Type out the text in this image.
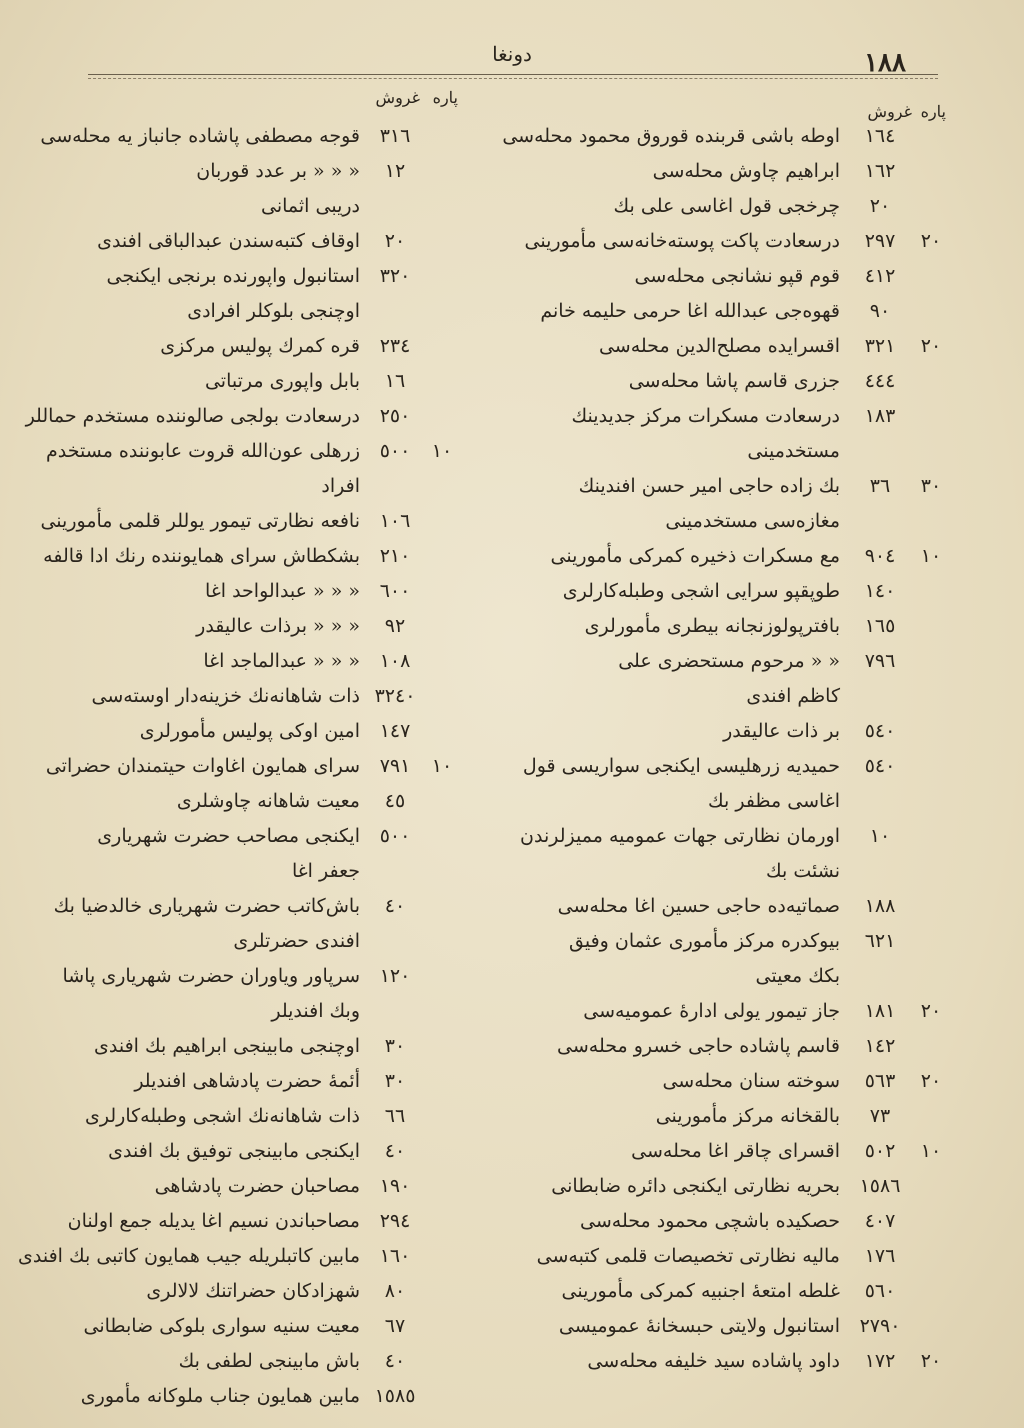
۱۸۸
دونغا
پاره
غروش
١٦٤
اوطه باشی قربنده قوروق محمود محله‌سی
١٦٢
ابراهیم چاوش محله‌سی
٢٠
چرخجی قول اغاسی علی بك
٢٠
٢٩٧
درسعادت پاکت پوسته‌خانه‌سی مأمورینی
٤١٢
قوم قپو نشانجی محله‌سی
٩٠
قهوه‌جی عبدالله اغا حرمی حلیمه خانم
٢٠
٣٢١
اقسرایده مصلح‌الدین محله‌سی
٤٤٤
جزری قاسم پاشا محله‌سی
١٨٣
درسعادت مسکرات مرکز جدیدینك
مستخدمینی
٣٠
٣٦
بك زاده حاجی امیر حسن افندینك
مغازه‌سی مستخدمینی
١٠
٩٠٤
مع مسکرات ذخیره کمرکی مأمورینی
١٤٠
طوپقپو سرایی اشجی وطبله‌کارلری
١٦٥
بافترپولوزنجانه بیطری مأمورلری
٧٩٦
« « مرحوم مستحضری علی
کاظم افندی
٥٤٠
بر ذات عالیقدر
٥٤٠
حمیدیه زرهلیسی ایکنجی سواریسی قول
اغاسی مظفر بك
١٠
اورمان نظارتی جهات عمومیه ممیزلرندن
نشئت بك
١٨٨
صماتیه‌ده حاجی حسین اغا محله‌سی
٦٢١
بیوکدره مرکز مأموری عثمان وفیق
بکك معیتی
٢٠
١٨١
جاز تیمور یولی ادارۀ عمومیه‌سی
١٤٢
قاسم پاشاده حاجی خسرو محله‌سی
٢٠
٥٦٣
سوخته سنان محله‌سی
٧٣
بالقخانه مرکز مأمورینی
١٠
٥٠٢
اقسرای چاقر اغا محله‌سی
١٥٨٦
بحریه نظارتی ایکنجی دائره ضابطانی
٤٠٧
حصکیده باشچی محمود محله‌سی
١٧٦
مالیه نظارتی تخصیصات قلمی کتبه‌سی
٥٦٠
غلطه امتعۀ اجنبیه کمرکی مأمورینی
٢٧٩٠
استانبول ولایتی حبسخانۀ عمومیسی
٢٠
١٧٢
داود پاشاده سید خلیفه محله‌سی
پاره
غروش
٣١٦
قوجه مصطفی پاشاده جانباز یه محله‌سی
١٢
« « « بر عدد قوربان
دریبی اثمانی
٢٠
اوقاف کتبه‌سندن عبدالباقی افندی
٣٢٠
استانبول واپورنده برنجی ایکنجی
اوچنجی بلوکلر افرادی
٢٣٤
قره کمرك پولیس مرکزی
١٦
بابل واپوری مرتباتی
٢٥٠
درسعادت بولجی صالوننده مستخدم حماللر
١٠
٥٠٠
زرهلی عون‌الله قروت عابوننده مستخدم
افراد
١٠٦
نافعه نظارتی تیمور یوللر قلمی مأمورینی
٢١٠
بشکطاش سرای همایوننده رنك ادا قالفه
٦٠٠
« « « عبدالواحد اغا
٩٢
« « « برذات عالیقدر
١٠٨
« « « عبدالماجد اغا
٣٢٤٠
ذات شاهانه‌نك خزینه‌دار اوسته‌سی
١٤٧
امین اوکی پولیس مأمورلری
١٠
٧٩١
سرای همایون اغاوات حیتمندان حضراتی
٤٥
معیت شاهانه چاوشلری
٥٠٠
ایکنجی مصاحب حضرت شهریاری
جعفر اغا
٤٠
باش‌کاتب حضرت شهریاری خالدضیا بك
افندی حضرتلری
١٢٠
سرپاور ویاوران حضرت شهریاری پاشا
وبك افندیلر
٣٠
اوچنجی مابینجی ابراهیم بك افندی
٣٠
أئمۀ حضرت پادشاهی افندیلر
٦٦
ذات شاهانه‌نك اشجی وطبله‌کارلری
٤٠
ایکنجی مابینجی توفیق بك افندی
١٩٠
مصاحبان حضرت پادشاهی
٢٩٤
مصاحباندن نسیم اغا یدیله جمع اولنان
١٦٠
مابین کاتبلریله جیب همایون کاتبی بك افندی
٨٠
شهزادکان حضراتنك لالالری
٦٧
معیت سنیه سواری بلوکی ضابطانی
٤٠
باش مابینجی لطفی بك
١٥٨٥
مابین همایون جناب ملوکانه مأموری
